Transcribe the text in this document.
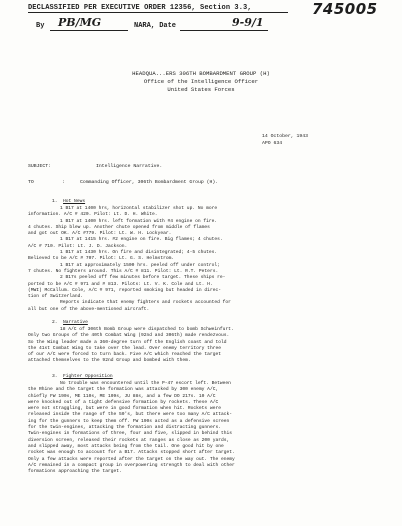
DECLASSIFIED PER EXECUTIVE ORDER 12356, Section 3.3,	745005
By PB/MG	NARA, Date	9-9/1
HEADQUA...ERS 306TH BOMBARDMENT GROUP (H)
Office of the Intelligence Officer
United States Forces
14 October, 1943
APO 634
SUBJECT:	Intelligence Narrative.
TO	:	Commanding Officer, 306th Bombardment Group (H).
1. Hot News
1 B17 at 1400 hrs, horizontal stabilizer shot up. No more
information. A/C # 420. Pilot: Lt. D. H. White.
1 B17 at 1400 hrs. left formation with #4 engine on fire.
4 chutes. Ship blew up. Another chute opened from middle of flames
and got out OK. A/C #779. Pilot: Lt. W. H. Lockyear.
1 B17 at 1415 hrs. #2 engine on fire. Big flames; 4 chutes.
A/C # 710. Pilot: Lt. J. D. Jackson.
1 B17 at 1430 hrs. On fire and disintegrated; 4-5 chutes.
Believed to be A/C # 707. Pilot: Lt. G. S. Helmstrom.
1 B17 at approximately 1500 hrs. peeled off under control;
7 chutes. No fighters around. This A/C # 811. Pilot: Lt. R.T. Peters.
2 B17s peeled off few minutes before target. These ships re-
ported to be A/C # 971 and # 813. Pilots: Lt. V. K. Cole and Lt. H.
(MWI) McCallum. Cole, A/C # 971, reported smoking but headed in direc-
tion of Switzerland.
Reports indicate that enemy fighters and rockets accounted for
all but one of the above-mentioned aircraft.
2. Narrative
18 A/C of 306th Bomb Group were dispatched to bomb Schweinfurt.
Only two Groups of the 40th Combat Wing (92nd and 306th) made rendezvous.
So the Wing leader made a 360-degree turn off the English coast and told
the 41st Combat Wing to take over the lead. Over enemy territory three
of our A/C were forced to turn back. Five A/C which reached the target
attached themselves to the 92nd Group and bombed with them.
3. Fighter Opposition
No trouble was encountered until the P-47 escort left. Between
the Rhine and the target the formation was attacked by 300 enemy A/C,
chiefly FW 190s, ME 110s, ME 109s, JU 88s, and a few DO 217s. 10 A/C
were knocked out of a tight defensive formation by rockets. These A/C
were not straggling, but were in good formation when hit. Rockets were
released inside the range of the 50's, but there were too many A/C attack-
ing for the gunners to keep them off. FW 190s acted as a defensive screen
for the twin-engines, attacking the formation and distracting gunners.
Twin-engines in formations of three, four and five, slipped in behind this
diversion screen, released their rockets at ranges as close as 200 yards,
and slipped away, most attacks being from the tail. One good hit by one
rocket was enough to account for a B17. Attacks stopped short after target.
Only a few attacks were reported after the target on the way out. The enemy
A/C remained in a compact group in overpowering strength to deal with other
formations approaching the target.
